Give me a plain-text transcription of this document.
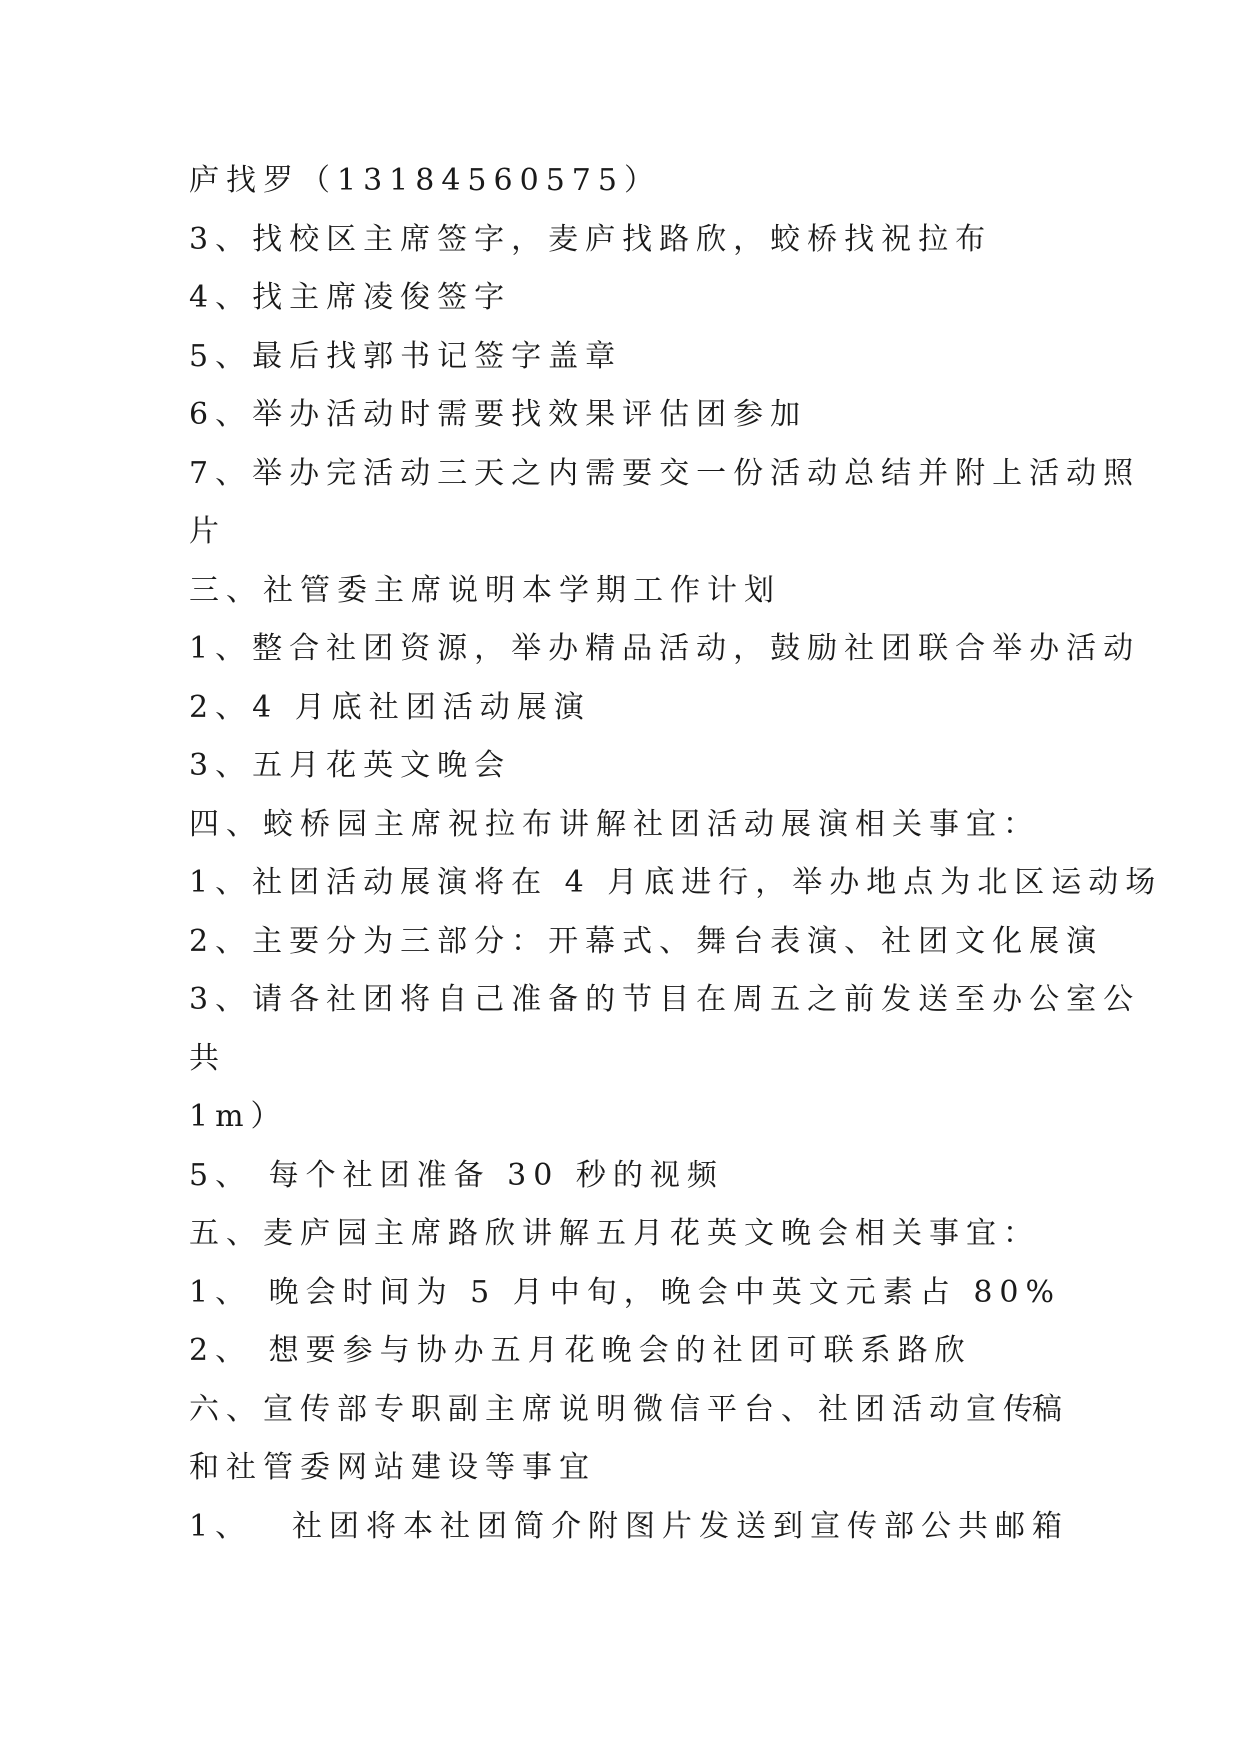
庐找罗（13184560575）
3、找校区主席签字，麦庐找路欣，蛟桥找祝拉布
4、找主席凌俊签字
5、最后找郭书记签字盖章
6、举办活动时需要找效果评估团参加
7、举办完活动三天之内需要交一份活动总结并附上活动照
片
三、社管委主席说明本学期工作计划
1、整合社团资源，举办精品活动，鼓励社团联合举办活动
2、4 月底社团活动展演
3、五月花英文晚会
四、蛟桥园主席祝拉布讲解社团活动展演相关事宜：
1、社团活动展演将在 4 月底进行，举办地点为北区运动场
2、主要分为三部分：开幕式、舞台表演、社团文化展演
3、请各社团将自己准备的节目在周五之前发送至办公室公
共
1m）
5、 每个社团准备 30 秒的视频
五、麦庐园主席路欣讲解五月花英文晚会相关事宜：
1、 晚会时间为 5 月中旬，晚会中英文元素占 80%
2、 想要参与协办五月花晚会的社团可联系路欣
六、宣传部专职副主席说明微信平台、社团活动宣传
稿
和社管委网站建设等事宜
1、 社团将本社团简介附图片发送到宣传部公共邮箱
